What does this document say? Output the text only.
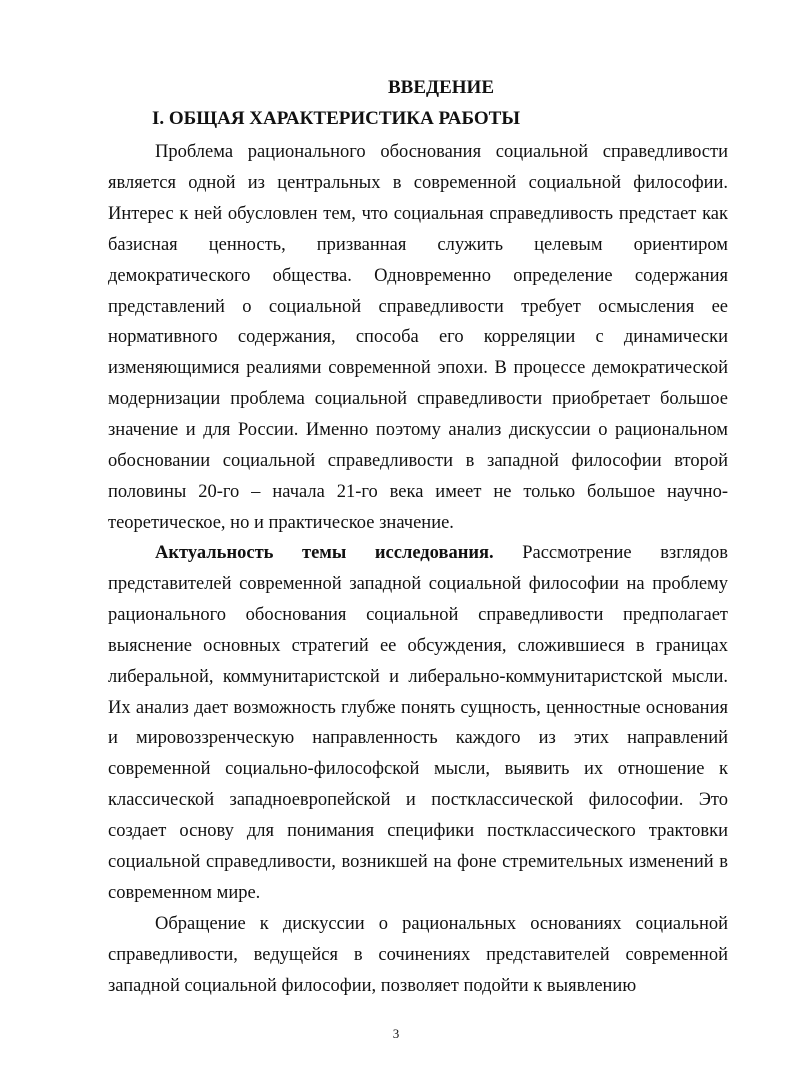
ВВЕДЕНИЕ
I. ОБЩАЯ ХАРАКТЕРИСТИКА РАБОТЫ
Проблема рационального обоснования социальной справедливости
является одной из центральных в современной социальной философии.
Интерес к ней обусловлен тем, что социальная справедливость предстает как
базисная ценность, призванная служить целевым ориентиром
демократического общества. Одновременно определение содержания
представлений о социальной справедливости требует осмысления ее
нормативного содержания, способа его корреляции с динамически
изменяющимися реалиями современной эпохи. В процессе демократической
модернизации проблема социальной справедливости приобретает большое
значение и для России. Именно поэтому анализ дискуссии о рациональном
обосновании социальной справедливости в западной философии второй
половины 20-го – начала 21-го века имеет не только большое научно-
теоретическое, но и практическое значение.
Актуальность темы исследования. Рассмотрение взглядов
представителей современной западной социальной философии на проблему
рационального обоснования социальной справедливости предполагает
выяснение основных стратегий ее обсуждения, сложившиеся в границах
либеральной, коммунитаристской и либерально-коммунитаристской мысли.
Их анализ дает возможность глубже понять сущность, ценностные основания
и мировоззренческую направленность каждого из этих направлений
современной социально-философской мысли, выявить их отношение к
классической западноевропейской и постклассической философии. Это
создает основу для понимания специфики постклассического трактовки
социальной справедливости, возникшей на фоне стремительных изменений в
современном мире.
Обращение к дискуссии о рациональных основаниях социальной
справедливости, ведущейся в сочинениях представителей современной
западной социальной философии, позволяет подойти к выявлению
3
